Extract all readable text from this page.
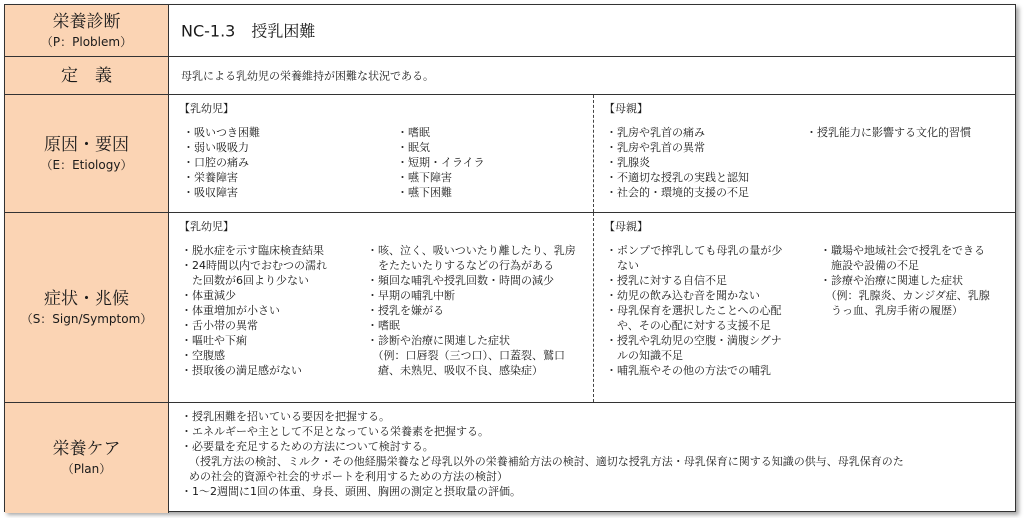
栄養診断
（P：Ploblem）
NC-1.3　授乳困難
定　義	母乳による乳幼児の栄養維持が困難な状況である。
原因・要因
（E：Etiology）
【乳幼児】
・吸いつき困難
・弱い吸吸力
・口腔の痛み
・栄養障害
・吸収障害
・嗜眠
・眠気
・短期・イライラ
・嚥下障害
・嚥下困難
【母親】
・乳房や乳首の痛み
・乳房や乳首の異常
・乳腺炎
・不適切な授乳の実践と認知
・社会的・環境的支援の不足
・授乳能力に影響する文化的習慣
症状・兆候
（S：Sign/Symptom）
【乳幼児】
・脱水症を示す臨床検査結果
・24時間以内でおむつの濡れ
　た回数が6回より少ない
・体重減少
・体重増加が小さい
・舌小帯の異常
・嘔吐や下痢
・空腹感
・摂取後の満足感がない
・咳、泣く、吸いついたり離したり、乳房
　をたたいたりするなどの行為がある
・頻回な哺乳や授乳回数・時間の減少
・早期の哺乳中断
・授乳を嫌がる
・嗜眠
・診断や治療に関連した症状
　（例：口唇裂（三つ口）、口蓋裂、鷲口
　瘡、未熟児、吸収不良、感染症）
【母親】
・ポンプで搾乳しても母乳の量が少
　ない
・授乳に対する自信不足
・幼児の飲み込む音を聞かない
・母乳保育を選択したことへの心配
　や、その心配に対する支援不足
・授乳や乳幼児の空腹・満腹シグナ
　ルの知識不足
・哺乳瓶やその他の方法での哺乳
・職場や地域社会で授乳をできる
　施設や設備の不足
・診療や治療に関連した症状
　（例：乳腺炎、カンジダ症、乳腺
　うっ血、乳房手術の履歴）
栄養ケア
（Plan）
・授乳困難を招いている要因を把握する。
・エネルギーや主として不足となっている栄養素を把握する。
・必要量を充足するための方法について検討する。
（授乳方法の検討、ミルク・その他経腸栄養など母乳以外の栄養補給方法の検討、適切な授乳方法・母乳保育に関する知識の供与、母乳保育のた
めの社会的資源や社会的サポートを利用するための方法の検討）
・1～2週間に1回の体重、身長、頭囲、胸囲の測定と摂取量の評価。
